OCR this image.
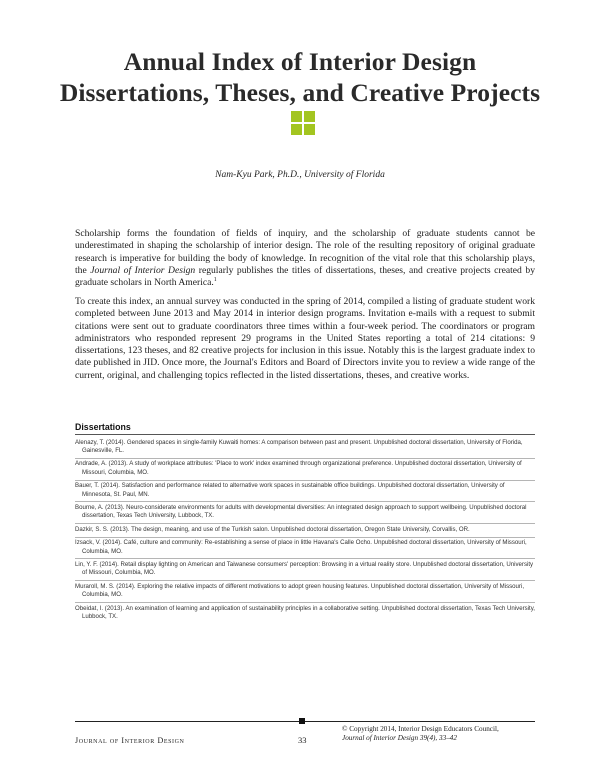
Annual Index of Interior Design
Dissertations, Theses, and Creative Projects
Nam-Kyu Park, Ph.D., University of Florida

Scholarship forms the foundation of fields of inquiry, and the scholarship of graduate students cannot be underestimated in shaping the scholarship of interior design. The role of the resulting repository of original graduate research is imperative for building the body of knowledge. In recognition of the vital role that this scholarship plays, the Journal of Interior Design regularly publishes the titles of dissertations, theses, and creative projects created by graduate scholars in North America.$^1$

To create this index, an annual survey was conducted in the spring of 2014, compiled a listing of graduate student work completed between June 2013 and May 2014 in interior design programs. Invitation e-mails with a request to submit citations were sent out to graduate coordinators three times within a four-week period. The coordinators or program administrators who responded represent 29 programs in the United States reporting a total of 214 citations: 9 dissertations, 123 theses, and 82 creative projects for inclusion in this issue. Notably this is the largest graduate index to date published in JID. Once more, the Journal's Editors and Board of Directors invite you to review a wide range of the current, original, and challenging topics reflected in the listed dissertations, theses, and creative works.

Dissertations
Alenazy, T. (2014). Gendered spaces in single-family Kuwaiti homes: A comparison between past and present. Unpublished doctoral dissertation, University of Florida, Gainesville, FL.
Andrade, A. (2013). A study of workplace attributes: 'Place to work' index examined through organizational preference. Unpublished doctoral dissertation, University of Missouri, Columbia, MO.
Bauer, T. (2014). Satisfaction and performance related to alternative work spaces in sustainable office buildings. Unpublished doctoral dissertation, University of Minnesota, St. Paul, MN.
Bourne, A. (2013). Neuro-considerate environments for adults with developmental diversities: An integrated design approach to support wellbeing. Unpublished doctoral dissertation, Texas Tech University, Lubbock, TX.
Dazkir, S. S. (2013). The design, meaning, and use of the Turkish salon. Unpublished doctoral dissertation, Oregon State University, Corvallis, OR.
Izsack, V. (2014). Café, culture and community: Re-establishing a sense of place in little Havana's Calle Ocho. Unpublished doctoral dissertation, University of Missouri, Columbia, MO.
Lin, Y. F. (2014). Retail display lighting on American and Taiwanese consumers' perception: Browsing in a virtual reality store. Unpublished doctoral dissertation, University of Missouri, Columbia, MO.
Muraroll, M. S. (2014). Exploring the relative impacts of different motivations to adopt green housing features. Unpublished doctoral dissertation, University of Missouri, Columbia, MO.
Obeidat, I. (2013). An examination of learning and application of sustainability principles in a collaborative setting. Unpublished doctoral dissertation, Texas Tech University, Lubbock, TX.
Journal of Interior Design	33
© Copyright 2014, Interior Design Educators Council,
Journal of Interior Design 39(4), 33–42
